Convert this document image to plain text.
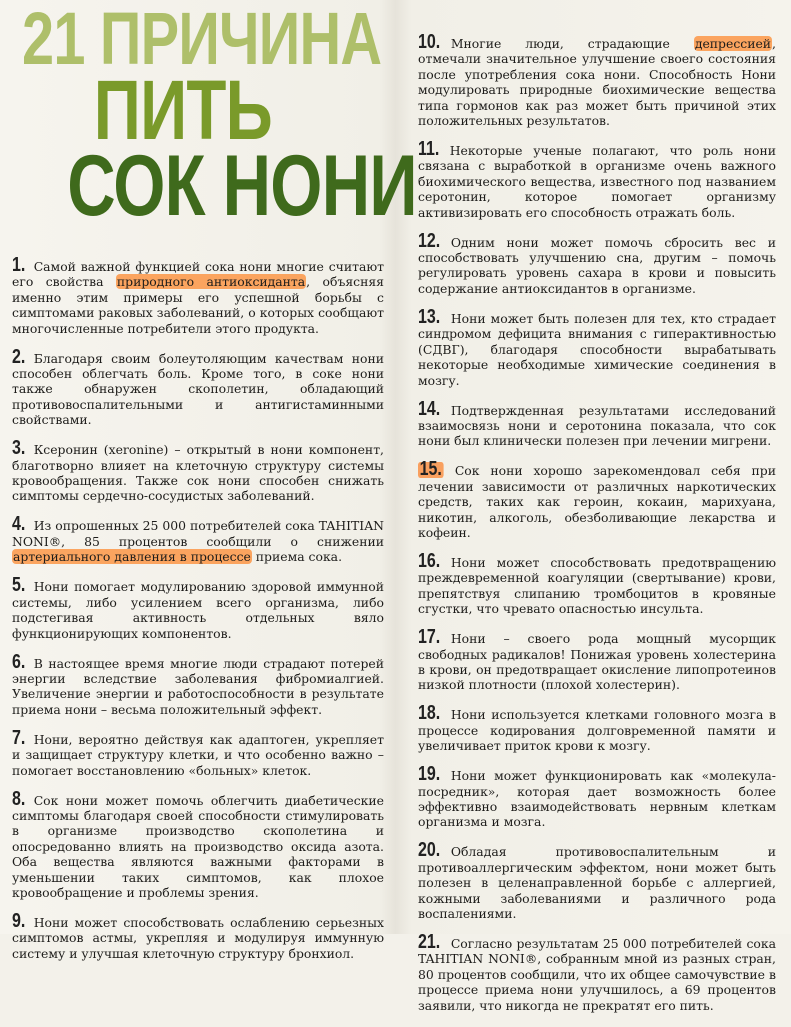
21 ПРИЧИНА
ПИТЬ
СОК НОНИ

1. Самой важной функцией сока нони многие считают его свойства природного антиоксиданта, объясняя именно этим примеры его успешной борьбы с симптомами раковых заболеваний, о которых сообщают многочисленные потребители этого продукта.

2. Благодаря своим болеутоляющим качествам нони способен облегчать боль. Кроме того, в соке нони также обнаружен скополетин, обладающий противовоспалительными и антигистаминными свойствами.

3. Ксеронин (xeronine) – открытый в нони компонент, благотворно влияет на клеточную структуру системы кровообращения. Также сок нони способен снижать симптомы сердечно-сосудистых заболеваний.

4. Из опрошенных 25 000 потребителей сока TAHITIAN NONI®, 85 процентов сообщили о снижении артериального давления в процессе приема сока.

5. Нони помогает модулированию здоровой иммунной системы, либо усилением всего организма, либо подстегивая активность отдельных вяло функционирующих компонентов.

6. В настоящее время многие люди страдают потерей энергии вследствие заболевания фибромиалгией. Увеличение энергии и работоспособности в результате приема нони – весьма положительный эффект.

7. Нони, вероятно действуя как адаптоген, укрепляет и защищает структуру клетки, и что особенно важно –помогает восстановлению «больных» клеток.

8. Сок нони может помочь облегчить диабетические симптомы благодаря своей способности стимулировать в организме производство скополетина и опосредованно влиять на производство оксида азота. Оба вещества являются важными факторами в уменьшении таких симптомов, как плохое кровообращение и проблемы зрения.

9. Нони может способствовать ослаблению серьезных симптомов астмы, укрепляя и модулируя иммунную систему и улучшая клеточную структуру бронхиол.

10. Многие люди, страдающие депрессией, отмечали значительное улучшение своего состояния после употребления сока нони. Способность Нони модулировать природные биохимические вещества типа гормонов как раз может быть причиной этих положительных результатов.

11. Некоторые ученые полагают, что роль нони связана с выработкой в организме очень важного биохимического вещества, известного под названием серотонин, которое помогает организму активизировать его способность отражать боль.

12. Одним нони может помочь сбросить вес и способствовать улучшению сна, другим – помочь регулировать уровень сахара в крови и повысить содержание антиоксидантов в организме.

13. Нони может быть полезен для тех, кто страдает синдромом дефицита внимания с гиперактивностью (СДВГ), благодаря способности вырабатывать некоторые необходимые химические соединения в мозгу.

14. Подтвержденная результатами исследований взаимосвязь нони и серотонина показала, что сок нони был клинически полезен при лечении мигрени.

15. Сок нони хорошо зарекомендовал себя при лечении зависимости от различных наркотических средств, таких как героин, кокаин, марихуана, никотин, алкоголь, обезболивающие лекарства и кофеин.

16. Нони может способствовать предотвращению преждевременной коагуляции (свертывание) крови, препятствуя слипанию тромбоцитов в кровяные сгустки, что чревато опасностью инсульта.

17. Нони – своего рода мощный мусорщик свободных радикалов! Понижая уровень холестерина в крови, он предотвращает окисление липопротеинов низкой плотности (плохой холестерин).

18. Нони используется клетками головного мозга в процессе кодирования долговременной памяти и увеличивает приток крови к мозгу.

19. Нони может функционировать как «молекула-посредник», которая дает возможность более эффективно взаимодействовать нервным клеткам организма и мозга.

20. Обладая противовоспалительным и противоаллергическим эффектом, нони может быть полезен в целенаправленной борьбе с аллергией, кожными заболеваниями и различного рода воспалениями.

21. Согласно результатам 25 000 потребителей сока TAHITIAN NONI®, собранным мной из разных стран, 80 процентов сообщили, что их общее самочувствие в процессе приема нони улучшилось, а 69 процентов заявили, что никогда не прекратят его пить.
